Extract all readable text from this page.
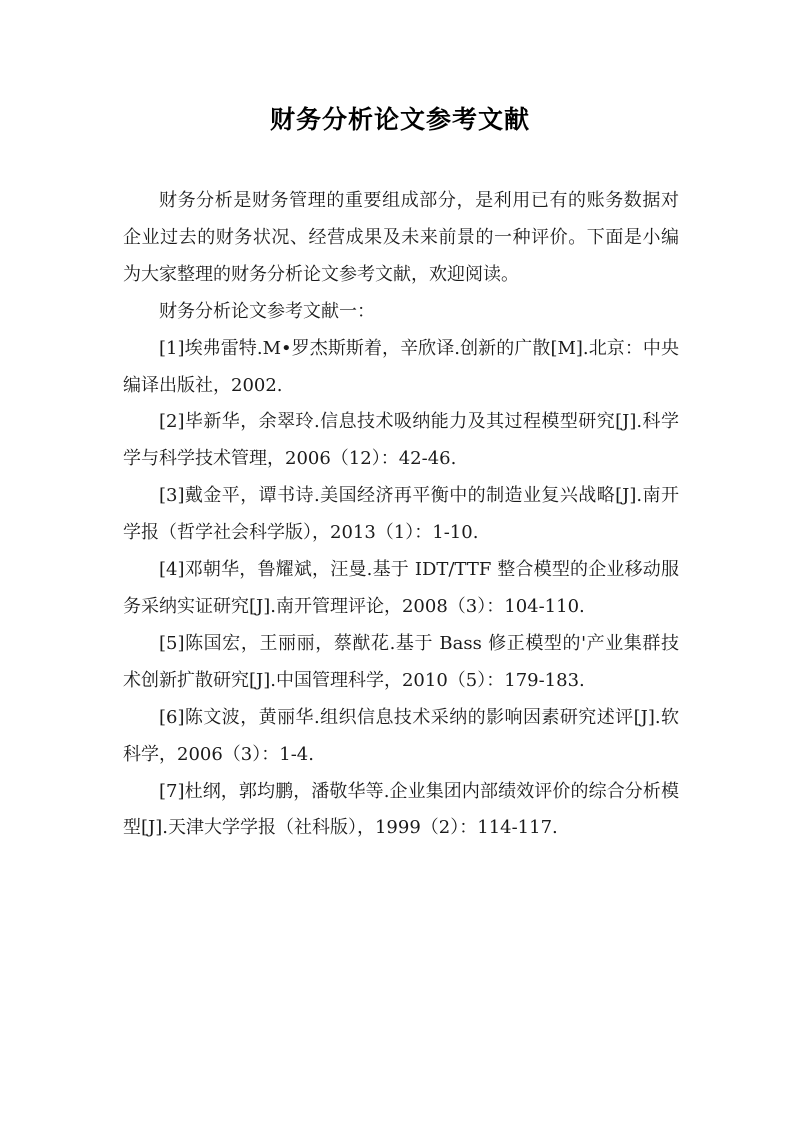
财务分析论文参考文献

财务分析是财务管理的重要组成部分，是利用已有的账务数据对企业过去的财务状况、经营成果及未来前景的一种评价。下面是小编为大家整理的财务分析论文参考文献，欢迎阅读。

财务分析论文参考文献一：

[1]埃弗雷特.M•罗杰斯斯着，辛欣译.创新的广散[M].北京：中央编译出版社，2002.

[2]毕新华，余翠玲.信息技术吸纳能力及其过程模型研究[J].科学学与科学技术管理，2006（12）：42-46.

[3]戴金平，谭书诗.美国经济再平衡中的制造业复兴战略[J].南开学报（哲学社会科学版），2013（1）：1-10.

[4]邓朝华，鲁耀斌，汪曼.基于 IDT/TTF 整合模型的企业移动服务采纳实证研究[J].南开管理评论，2008（3）：104-110.

[5]陈国宏，王丽丽，蔡猷花.基于 Bass 修正模型的'产业集群技术创新扩散研究[J].中国管理科学，2010（5）：179-183.

[6]陈文波，黄丽华.组织信息技术采纳的影响因素研究述评[J].软科学，2006（3）：1-4.

[7]杜纲，郭均鹏，潘敬华等.企业集团内部绩效评价的综合分析模型[J].天津大学学报（社科版），1999（2）：114-117.
